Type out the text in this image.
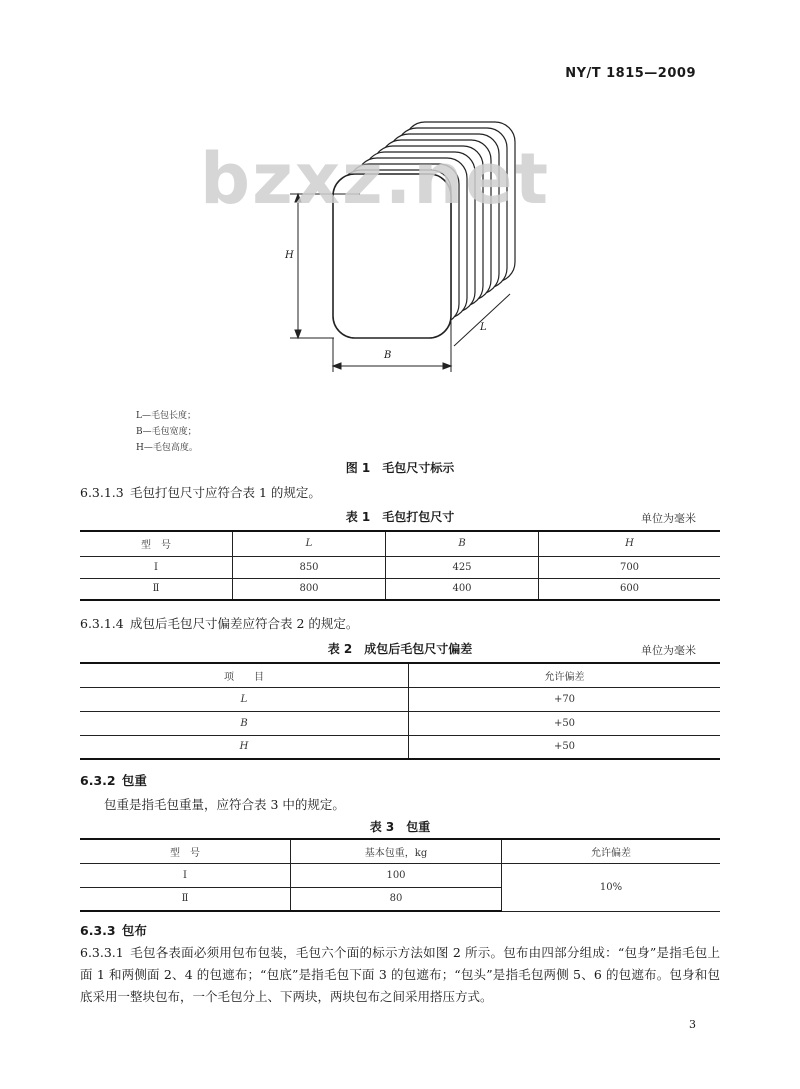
NY/T 1815—2009
H
B
L
bzxz.net
L—毛包长度；
B—毛包宽度；
H—毛包高度。
图 1　毛包尺寸标示
6.3.1.3  毛包打包尺寸应符合表 1 的规定。
表 1　毛包打包尺寸	单位为毫米
型　号	L	B	H
Ⅰ	850	425	700
Ⅱ	800	400	600
6.3.1.4  成包后毛包尺寸偏差应符合表 2 的规定。
表 2　成包后毛包尺寸偏差	单位为毫米
项　　目	允许偏差
L	+70
B	+50
H	+50
6.3.2  包重
包重是指毛包重量，应符合表 3 中的规定。
表 3　包重
型　号	基本包重，kg	允许偏差
Ⅰ	100	10%
Ⅱ	80	
6.3.3  包布
6.3.3.1  毛包各表面必须用包布包装，毛包六个面的标示方法如图 2 所示。包布由四部分组成：“包身”是指毛包上面 1 和两侧面 2、4 的包遮布；“包底”是指毛包下面 3 的包遮布；“包头”是指毛包两侧 5、6 的包遮布。包身和包底采用一整块包布，一个毛包分上、下两块，两块包布之间采用搭压方式。
3
